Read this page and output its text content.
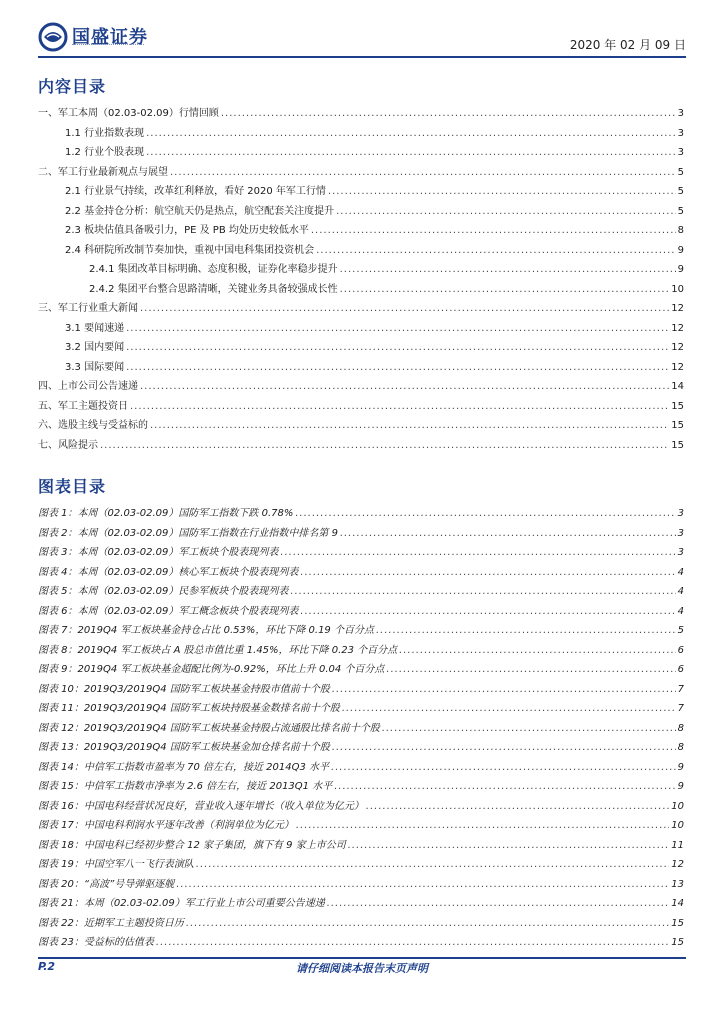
国盛证券	2020 年 02 月 09 日
内容目录
一、军工本周（02.03-02.09）行情回顾 .....	3
1.1 行业指数表现 .....	3
1.2 行业个股表现 .....	3
二、军工行业最新观点与展望 .....	5
2.1 行业景气持续，改革红利释放，看好 2020 年军工行情 .....	5
2.2 基金持仓分析：航空航天仍是热点，航空配套关注度提升 .....	5
2.3 板块估值具备吸引力，PE 及 PB 均处历史较低水平 .....	8
2.4 科研院所改制节奏加快，重视中国电科集团投资机会 .....	9
2.4.1 集团改革目标明确、态度积极，证券化率稳步提升 .....	9
2.4.2 集团平台整合思路清晰，关键业务具备较强成长性 .....	10
三、军工行业重大新闻 .....	12
3.1 要闻速递 .....	12
3.2 国内要闻 .....	12
3.3 国际要闻 .....	12
四、上市公司公告速递 .....	14
五、军工主题投资日 .....	15
六、选股主线与受益标的 .....	15
七、风险提示 .....	15
图表目录
图表 1：本周（02.03-02.09）国防军工指数下跌 0.78% .....	3
图表 2：本周（02.03-02.09）国防军工指数在行业指数中排名第 9 .....	3
图表 3：本周（02.03-02.09）军工板块个股表现列表 .....	3
图表 4：本周（02.03-02.09）核心军工板块个股表现列表 .....	4
图表 5：本周（02.03-02.09）民参军板块个股表现列表 .....	4
图表 6：本周（02.03-02.09）军工概念板块个股表现列表 .....	4
图表 7：2019Q4 军工板块基金持仓占比 0.53%，环比下降 0.19 个百分点 .....	5
图表 8：2019Q4 军工板块占 A 股总市值比重 1.45%，环比下降 0.23 个百分点 .....	6
图表 9：2019Q4 军工板块基金超配比例为-0.92%，环比上升 0.04 个百分点 .....	6
图表 10：2019Q3/2019Q4 国防军工板块基金持股市值前十个股 .....	7
图表 11：2019Q3/2019Q4 国防军工板块持股基金数排名前十个股 .....	7
图表 12：2019Q3/2019Q4 国防军工板块基金持股占流通股比排名前十个股 .....	8
图表 13：2019Q3/2019Q4 国防军工板块基金加仓排名前十个股 .....	8
图表 14：中信军工指数市盈率为 70 倍左右，接近 2014Q3 水平 .....	9
图表 15：中信军工指数市净率为 2.6 倍左右，接近 2013Q1 水平 .....	9
图表 16：中国电科经营状况良好，营业收入逐年增长（收入单位为亿元） .....	10
图表 17：中国电科利润水平逐年改善（利润单位为亿元） .....	10
图表 18：中国电科已经初步整合 12 家子集团，旗下有 9 家上市公司 .....	11
图表 19：中国空军八一飞行表演队 .....	12
图表 20：“高波”号导弹驱逐舰 .....	13
图表 21：本周（02.03-02.09）军工行业上市公司重要公告速递 .....	14
图表 22：近期军工主题投资日历 .....	15
图表 23：受益标的估值表 .....	15
P.2	请仔细阅读本报告末页声明
